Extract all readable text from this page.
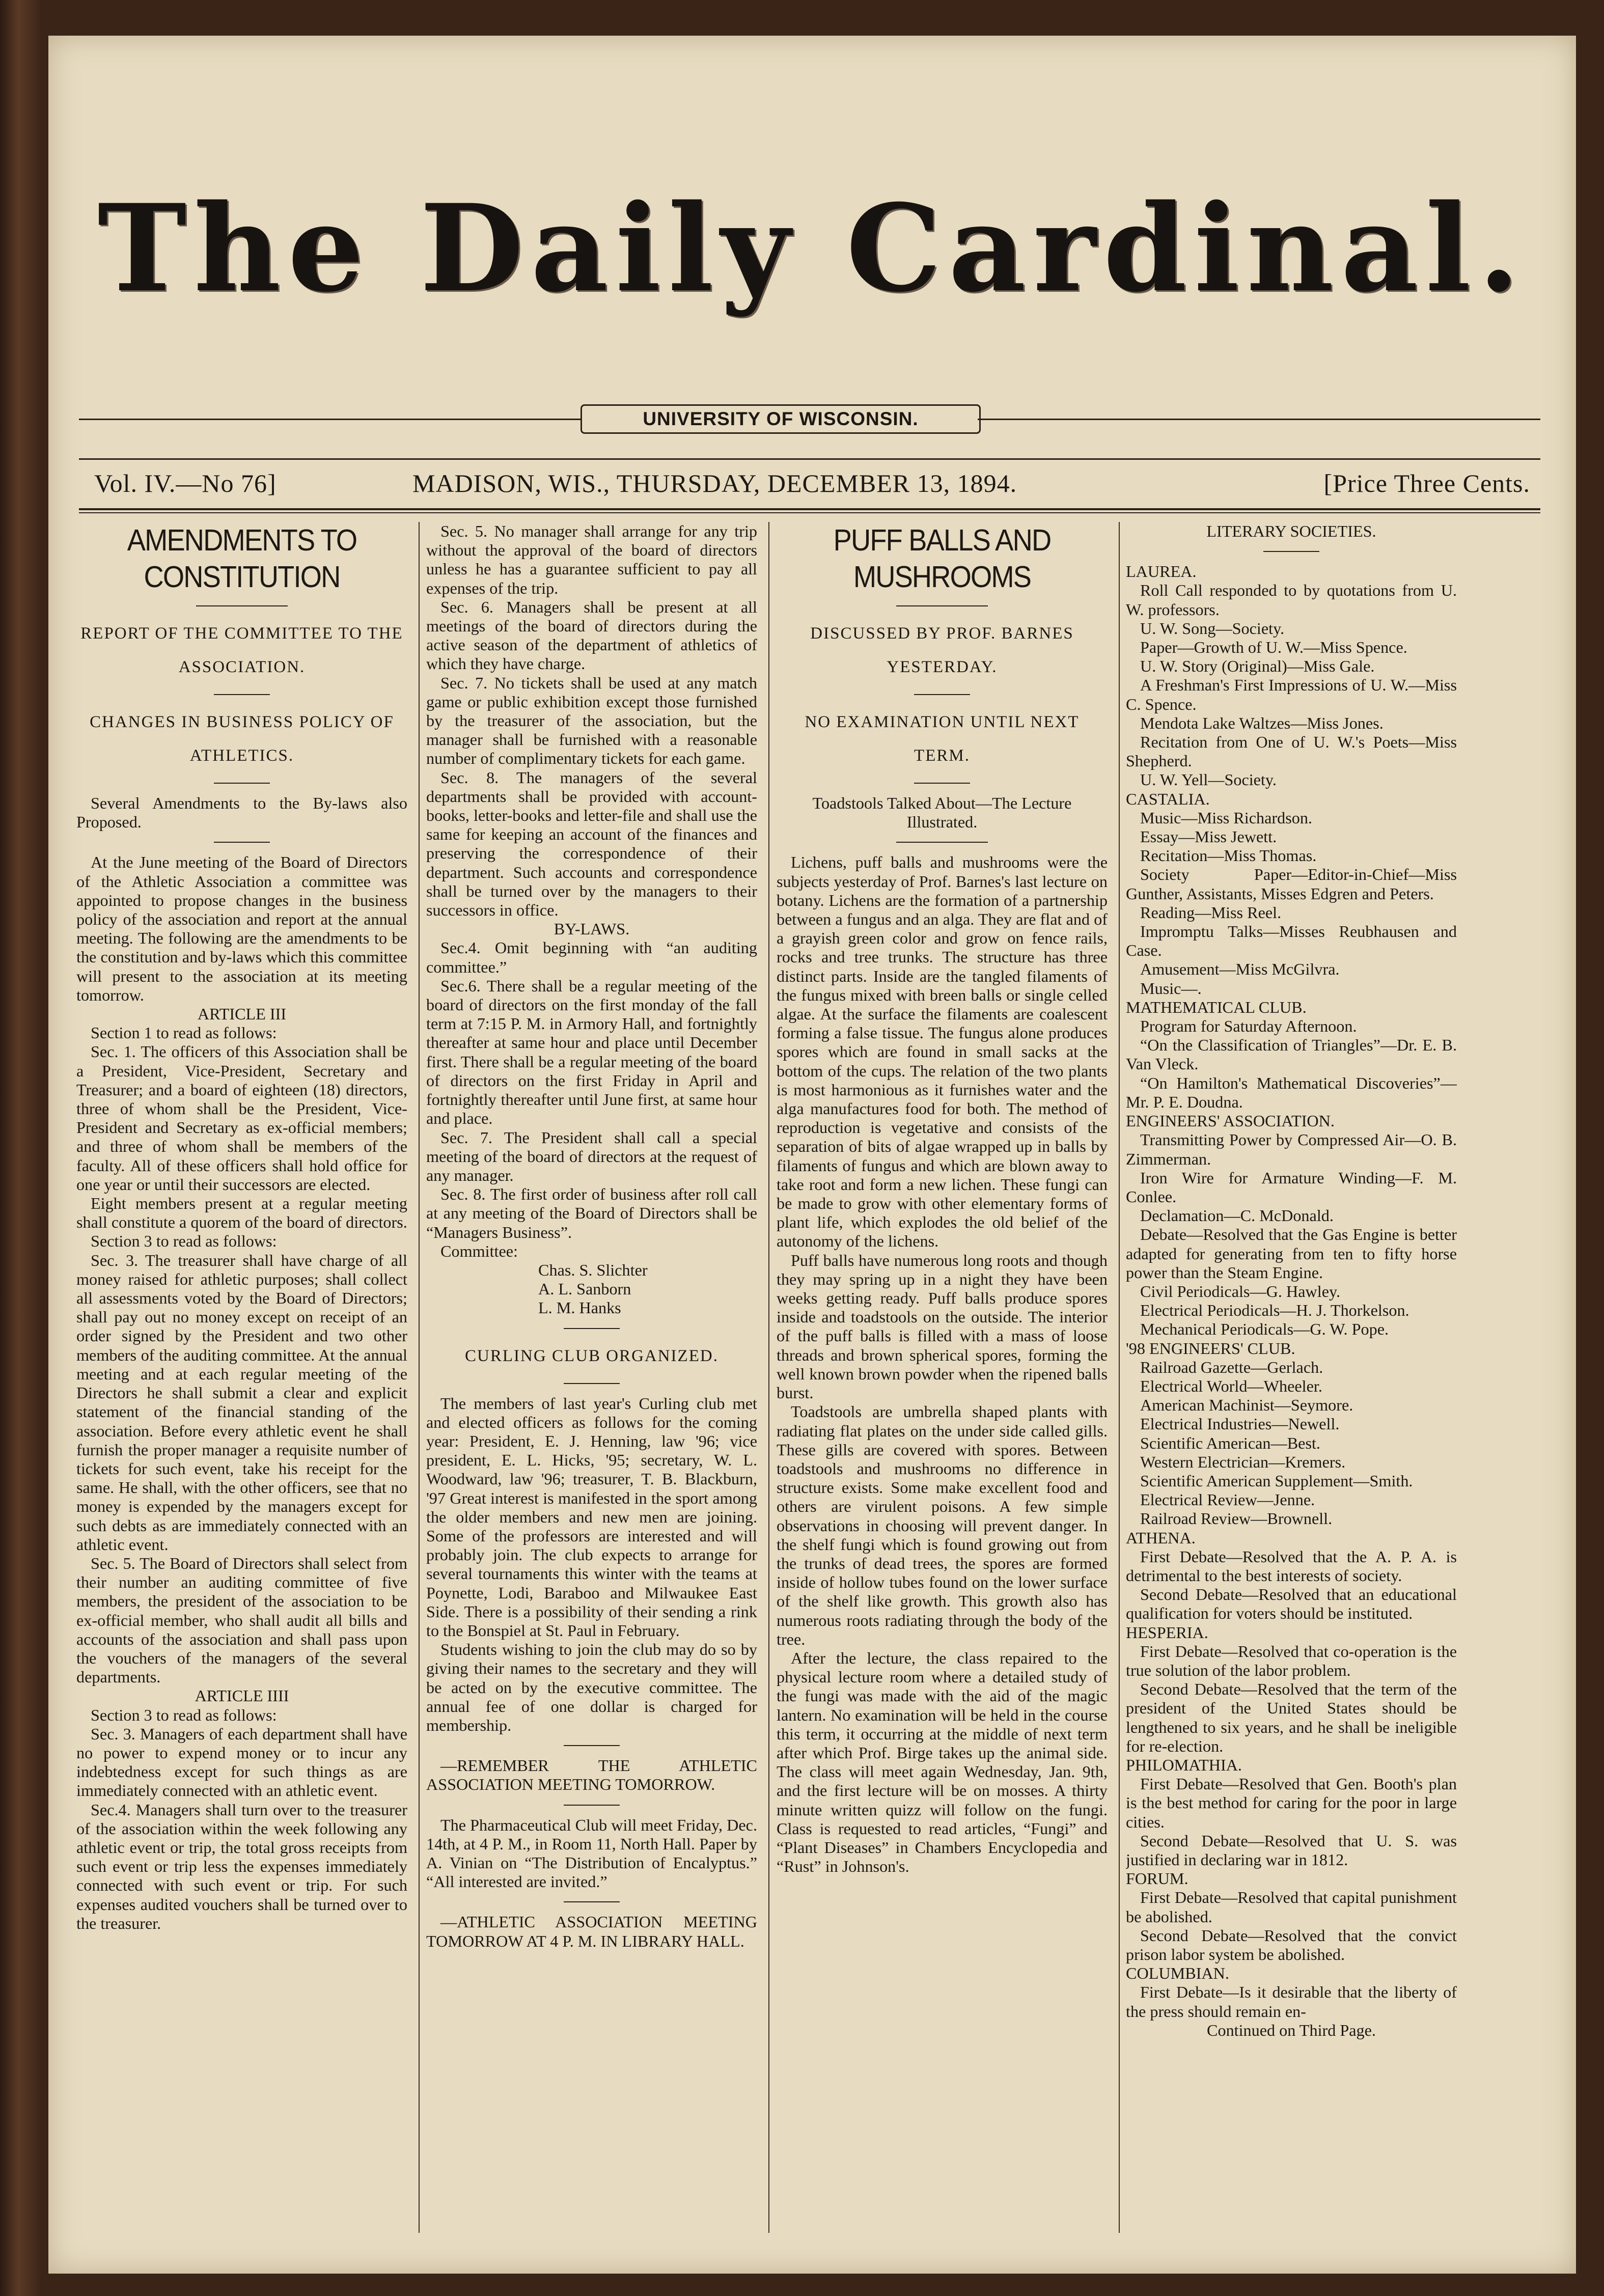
The Daily Cardinal.
UNIVERSITY OF WISCONSIN.
Vol. IV.—No 76]	MADISON, WIS., THURSDAY, DECEMBER 13, 1894.	[Price Three Cents.

AMENDMENTS TO CONSTITUTION

REPORT OF THE COMMITTEE TO THE ASSOCIATION.

CHANGES IN BUSINESS POLICY OF ATHLETICS.

Several Amendments to the By-laws also Proposed.

At the June meeting of the Board of Directors of the Athletic Association a committee was appointed to propose changes in the business policy of the association and report at the annual meeting. The following are the amendments to be the constitution and by-laws which this committee will present to the association at its meeting tomorrow.

ARTICLE III

Section 1 to read as follows:

Sec. 1. The officers of this Association shall be a President, Vice-President, Secretary and Treasurer; and a board of eighteen (18) directors, three of whom shall be the President, Vice-President and Secretary as ex-official members; and three of whom shall be members of the faculty. All of these officers shall hold office for one year or until their successors are elected.

Eight members present at a regular meeting shall constitute a quorem of the board of directors.

Section 3 to read as follows:

Sec. 3. The treasurer shall have charge of all money raised for athletic purposes; shall collect all assessments voted by the Board of Directors; shall pay out no money except on receipt of an order signed by the President and two other members of the auditing committee. At the annual meeting and at each regular meeting of the Directors he shall submit a clear and explicit statement of the financial standing of the association. Before every athletic event he shall furnish the proper manager a requisite number of tickets for such event, take his receipt for the same. He shall, with the other officers, see that no money is expended by the managers except for such debts as are immediately connected with an athletic event.

Sec. 5. The Board of Directors shall select from their number an auditing committee of five members, the president of the association to be ex-official member, who shall audit all bills and accounts of the association and shall pass upon the vouchers of the managers of the several departments.

ARTICLE IIII

Section 3 to read as follows:

Sec. 3. Managers of each department shall have no power to expend money or to incur any indebtedness except for such things as are immediately connected with an athletic event.

Sec.4. Managers shall turn over to the treasurer of the association within the week following any athletic event or trip, the total gross receipts from such event or trip less the expenses immediately connected with such event or trip. For such expenses audited vouchers shall be turned over to the treasurer.

Sec. 5. No manager shall arrange for any trip without the approval of the board of directors unless he has a guarantee sufficient to pay all expenses of the trip.

Sec. 6. Managers shall be present at all meetings of the board of directors during the active season of the department of athletics of which they have charge.

Sec. 7. No tickets shall be used at any match game or public exhibition except those furnished by the treasurer of the association, but the manager shall be furnished with a reasonable number of complimentary tickets for each game.

Sec. 8. The managers of the several departments shall be provided with account-books, letter-books and letter-file and shall use the same for keeping an account of the finances and preserving the correspondence of their department. Such accounts and correspondence shall be turned over by the managers to their successors in office.

BY-LAWS.

Sec.4. Omit beginning with “an auditing committee.”

Sec.6. There shall be a regular meeting of the board of directors on the first monday of the fall term at 7:15 P. M. in Armory Hall, and fortnightly thereafter at same hour and place until December first. There shall be a regular meeting of the board of directors on the first Friday in April and fortnightly thereafter until June first, at same hour and place.

Sec. 7. The President shall call a special meeting of the board of directors at the request of any manager.

Sec. 8. The first order of business after roll call at any meeting of the Board of Directors shall be “Managers Business”.

Committee:

Chas. S. Slichter

A. L. Sanborn

L. M. Hanks

CURLING CLUB ORGANIZED.

The members of last year's Curling club met and elected officers as follows for the coming year: President, E. J. Henning, law '96; vice president, E. L. Hicks, '95; secretary, W. L. Woodward, law '96; treasurer, T. B. Blackburn, '97 Great interest is manifested in the sport among the older members and new men are joining. Some of the professors are interested and will probably join. The club expects to arrange for several tournaments this winter with the teams at Poynette, Lodi, Baraboo and Milwaukee East Side. There is a possibility of their sending a rink to the Bonspiel at St. Paul in February.

Students wishing to join the club may do so by giving their names to the secretary and they will be acted on by the executive committee. The annual fee of one dollar is charged for membership.

—REMEMBER THE ATHLETIC ASSOCIATION MEETING TOMORROW.

The Pharmaceutical Club will meet Friday, Dec. 14th, at 4 P. M., in Room 11, North Hall. Paper by A. Vinian on “The Distribution of Encalyptus.” “All interested are invited.”

—ATHLETIC ASSOCIATION MEETING TOMORROW AT 4 P. M. IN LIBRARY HALL.

PUFF BALLS AND MUSHROOMS

DISCUSSED BY PROF. BARNES YESTERDAY.

NO EXAMINATION UNTIL NEXT TERM.

Toadstools Talked About—The Lecture Illustrated.

Lichens, puff balls and mushrooms were the subjects yesterday of Prof. Barnes's last lecture on botany. Lichens are the formation of a partnership between a fungus and an alga. They are flat and of a grayish green color and grow on fence rails, rocks and tree trunks. The structure has three distinct parts. Inside are the tangled filaments of the fungus mixed with breen balls or single celled algae. At the surface the filaments are coalescent forming a false tissue. The fungus alone produces spores which are found in small sacks at the bottom of the cups. The relation of the two plants is most harmonious as it furnishes water and the alga manufactures food for both. The method of reproduction is vegetative and consists of the separation of bits of algae wrapped up in balls by filaments of fungus and which are blown away to take root and form a new lichen. These fungi can be made to grow with other elementary forms of plant life, which explodes the old belief of the autonomy of the lichens.

Puff balls have numerous long roots and though they may spring up in a night they have been weeks getting ready. Puff balls produce spores inside and toadstools on the outside. The interior of the puff balls is filled with a mass of loose threads and brown spherical spores, forming the well known brown powder when the ripened balls burst.

Toadstools are umbrella shaped plants with radiating flat plates on the under side called gills. These gills are covered with spores. Between toadstools and mushrooms no difference in structure exists. Some make excellent food and others are virulent poisons. A few simple observations in choosing will prevent danger. In the shelf fungi which is found growing out from the trunks of dead trees, the spores are formed inside of hollow tubes found on the lower surface of the shelf like growth. This growth also has numerous roots radiating through the body of the tree.

After the lecture, the class repaired to the physical lecture room where a detailed study of the fungi was made with the aid of the magic lantern. No examination will be held in the course this term, it occurring at the middle of next term after which Prof. Birge takes up the animal side. The class will meet again Wednesday, Jan. 9th, and the first lecture will be on mosses. A thirty minute written quizz will follow on the fungi. Class is requested to read articles, “Fungi” and “Plant Diseases” in Chambers Encyclopedia and “Rust” in Johnson's.

LITERARY SOCIETIES.

LAUREA.

Roll Call responded to by quotations from U. W. professors.

U. W. Song—Society.

Paper—Growth of U. W.—Miss Spence.

U. W. Story (Original)—Miss Gale.

A Freshman's First Impressions of U. W.—Miss C. Spence.

Mendota Lake Waltzes—Miss Jones.

Recitation from One of U. W.'s Poets—Miss Shepherd.

U. W. Yell—Society.

CASTALIA.

Music—Miss Richardson.

Essay—Miss Jewett.

Recitation—Miss Thomas.

Society Paper—Editor-in-Chief—Miss Gunther, Assistants, Misses Edgren and Peters.

Reading—Miss Reel.

Impromptu Talks—Misses Reubhausen and Case.

Amusement—Miss McGilvra.

Music—.

MATHEMATICAL CLUB.

Program for Saturday Afternoon.

“On the Classification of Triangles”—Dr. E. B. Van Vleck.

“On Hamilton's Mathematical Discoveries”—Mr. P. E. Doudna.

ENGINEERS' ASSOCIATION.

Transmitting Power by Compressed Air—O. B. Zimmerman.

Iron Wire for Armature Winding—F. M. Conlee.

Declamation—C. McDonald.

Debate—Resolved that the Gas Engine is better adapted for generating from ten to fifty horse power than the Steam Engine.

Civil Periodicals—G. Hawley.

Electrical Periodicals—H. J. Thorkelson.

Mechanical Periodicals—G. W. Pope.

'98 ENGINEERS' CLUB.

Railroad Gazette—Gerlach.

Electrical World—Wheeler.

American Machinist—Seymore.

Electrical Industries—Newell.

Scientific American—Best.

Western Electrician—Kremers.

Scientific American Supplement—Smith.

Electrical Review—Jenne.

Railroad Review—Brownell.

ATHENA.

First Debate—Resolved that the A. P. A. is detrimental to the best interests of society.

Second Debate—Resolved that an educational qualification for voters should be instituted.

HESPERIA.

First Debate—Resolved that co-operation is the true solution of the labor problem.

Second Debate—Resolved that the term of the president of the United States should be lengthened to six years, and he shall be ineligible for re-election.

PHILOMATHIA.

First Debate—Resolved that Gen. Booth's plan is the best method for caring for the poor in large cities.

Second Debate—Resolved that U. S. was justified in declaring war in 1812.

FORUM.

First Debate—Resolved that capital punishment be abolished.

Second Debate—Resolved that the convict prison labor system be abolished.

COLUMBIAN.

First Debate—Is it desirable that the liberty of the press should remain en-

Continued on Third Page.
